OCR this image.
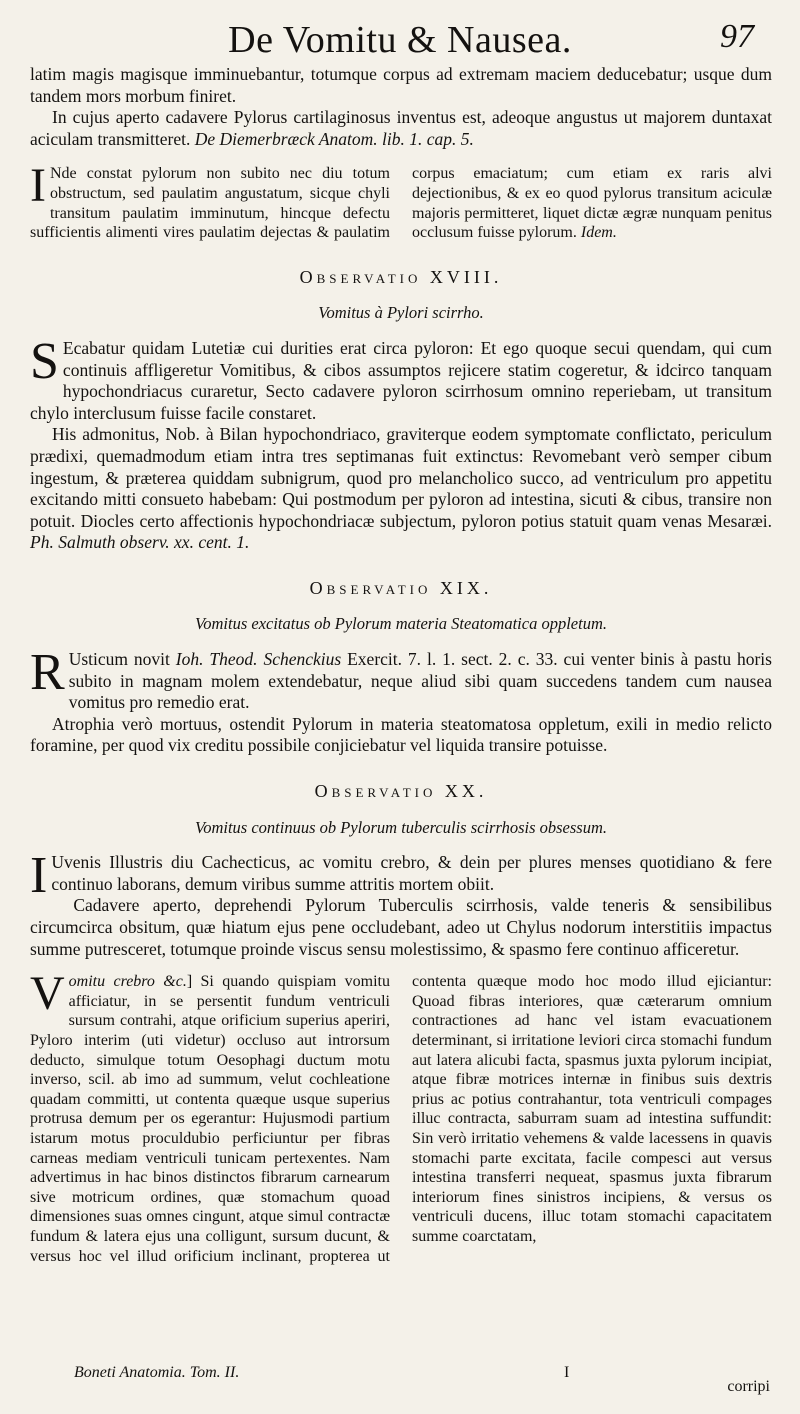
De Vomitu & Nausea.	97

latim magis magisque imminuebantur, totumque corpus ad extremam maciem deducebatur; usque dum tandem mors morbum finiret.

In cujus aperto cadavere Pylorus cartilaginosus inventus est, adeoque angustus ut majorem duntaxat aciculam transmitteret. De Diemerbræck Anatom. lib. 1. cap. 5.

I Nde constat pylorum non subito nec diu totum obstructum, sed paulatim angustatum, sicque chyli transitum paulatim imminutum, hincque defectu sufficientis alimenti vires paulatim dejectas & paulatim corpus emaciatum; cum etiam ex raris alvi dejectionibus, & ex eo quod pylorus transitum aciculæ majoris permitteret, liquet dictæ ægræ nunquam penitus occlusum fuisse pylorum. Idem.

Observatio XVIII.
Vomitus à Pylori scirrho.

S Ecabatur quidam Lutetiæ cui durities erat circa pyloron: Et ego quoque secui quendam, qui cum continuis affligeretur Vomitibus, & cibos assumptos rejicere statim cogeretur, & idcirco tanquam hypochondriacus curaretur, Secto cadavere pyloron scirrhosum omnino reperiebam, ut transitum chylo interclusum fuisse facile constaret.

His admonitus, Nob. à Bilan hypochondriaco, graviterque eodem symptomate conflictato, periculum prædixi, quemadmodum etiam intra tres septimanas fuit extinctus: Revomebant verò semper cibum ingestum, & præterea quiddam subnigrum, quod pro melancholico succo, ad ventriculum pro appetitu excitando mitti consueto habebam: Qui postmodum per pyloron ad intestina, sicuti & cibus, transire non potuit. Diocles certo affectionis hypochondriacæ subjectum, pyloron potius statuit quam venas Mesaræi. Ph. Salmuth observ. xx. cent. 1.

Observatio XIX.
Vomitus excitatus ob Pylorum materia Steatomatica oppletum.

R Usticum novit Ioh. Theod. Schenckius Exercit. 7. l. 1. sect. 2. c. 33. cui venter binis à pastu horis subito in magnam molem extendebatur, neque aliud sibi quam succedens tandem cum nausea vomitus pro remedio erat.

Atrophia verò mortuus, ostendit Pylorum in materia steatomatosa oppletum, exili in medio relicto foramine, per quod vix creditu possibile conjiciebatur vel liquida transire potuisse.

Observatio XX.
Vomitus continuus ob Pylorum tuberculis scirrhosis obsessum.

I Uvenis Illustris diu Cachecticus, ac vomitu crebro, & dein per plures menses quotidiano & fere continuo laborans, demum viribus summe attritis mortem obiit.

Cadavere aperto, deprehendi Pylorum Tuberculis scirrhosis, valde teneris & sensibilibus circumcirca obsitum, quæ hiatum ejus pene occludebant, adeo ut Chylus nodorum interstitiis impactus summe putresceret, totumque proinde viscus sensu molestissimo, & spasmo fere continuo afficeretur.

Vomitu crebro &c.] Si quando quispiam vomitu afficiatur, in se persentit fundum ventriculi sursum contrahi, atque orificium superius aperiri, Pyloro interim (uti videtur) occluso aut introrsum deducto, simulque totum Oesophagi ductum motu inverso, scil. ab imo ad summum, velut cochleatione quadam committi, ut contenta quæque usque superius protrusa demum per os egerantur: Hujusmodi partium istarum motus proculdubio perficiuntur per fibras carneas mediam ventriculi tunicam pertexentes. Nam advertimus in hac binos distinctos fibrarum carnearum sive motricum ordines, quæ stomachum quoad dimensiones suas omnes cingunt, atque simul contractæ fundum & latera ejus una colligunt, sursum ducunt, & versus hoc vel illud orificium inclinant, propterea ut contenta quæque modo hoc modo illud ejiciantur: Quoad fibras interiores, quæ cæterarum omnium contractiones ad hanc vel istam evacuationem determinant, si irritatione leviori circa stomachi fundum aut latera alicubi facta, spasmus juxta pylorum incipiat, atque fibræ motrices internæ in finibus suis dextris prius ac potius contrahantur, tota ventriculi compages illuc contracta, saburram suam ad intestina suffundit: Sin verò irritatio vehemens & valde lacessens in quavis stomachi parte excitata, facile compesci aut versus intestina transferri nequeat, spasmus juxta fibrarum interiorum fines sinistros incipiens, & versus os ventriculi ducens, illuc totam stomachi capacitatem summe coarctatam,

Boneti Anatomia. Tom. II.	I
corripi
